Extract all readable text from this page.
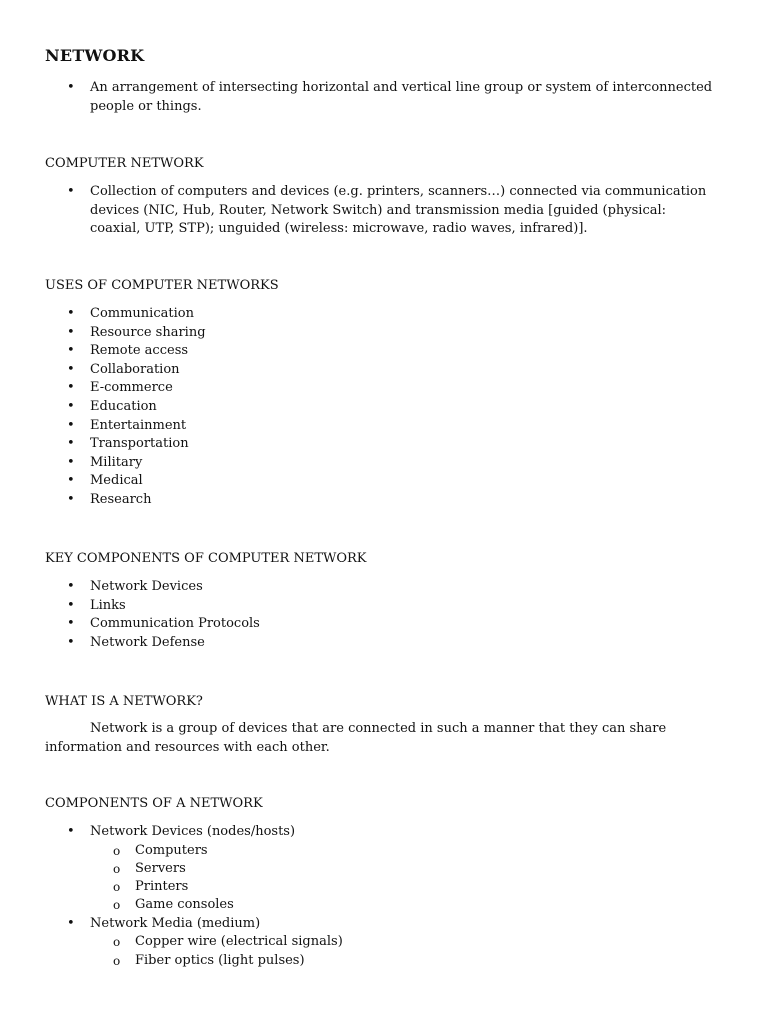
NETWORK
• An arrangement of intersecting horizontal and vertical line group or system of interconnected people or things.
COMPUTER NETWORK
• Collection of computers and devices (e.g. printers, scanners…) connected via communication devices (NIC, Hub, Router, Network Switch) and transmission media [guided (physical: coaxial, UTP, STP); unguided (wireless: microwave, radio waves, infrared)].
USES OF COMPUTER NETWORKS
• Communication
• Resource sharing
• Remote access
• Collaboration
• E-commerce
• Education
• Entertainment
• Transportation
• Military
• Medical
• Research
KEY COMPONENTS OF COMPUTER NETWORK
• Network Devices
• Links
• Communication Protocols
• Network Defense
WHAT IS A NETWORK?
Network is a group of devices that are connected in such a manner that they can share information and resources with each other.
COMPONENTS OF A NETWORK
• Network Devices (nodes/hosts)
o Computers
o Servers
o Printers
o Game consoles
• Network Media (medium)
o Copper wire (electrical signals)
o Fiber optics (light pulses)
